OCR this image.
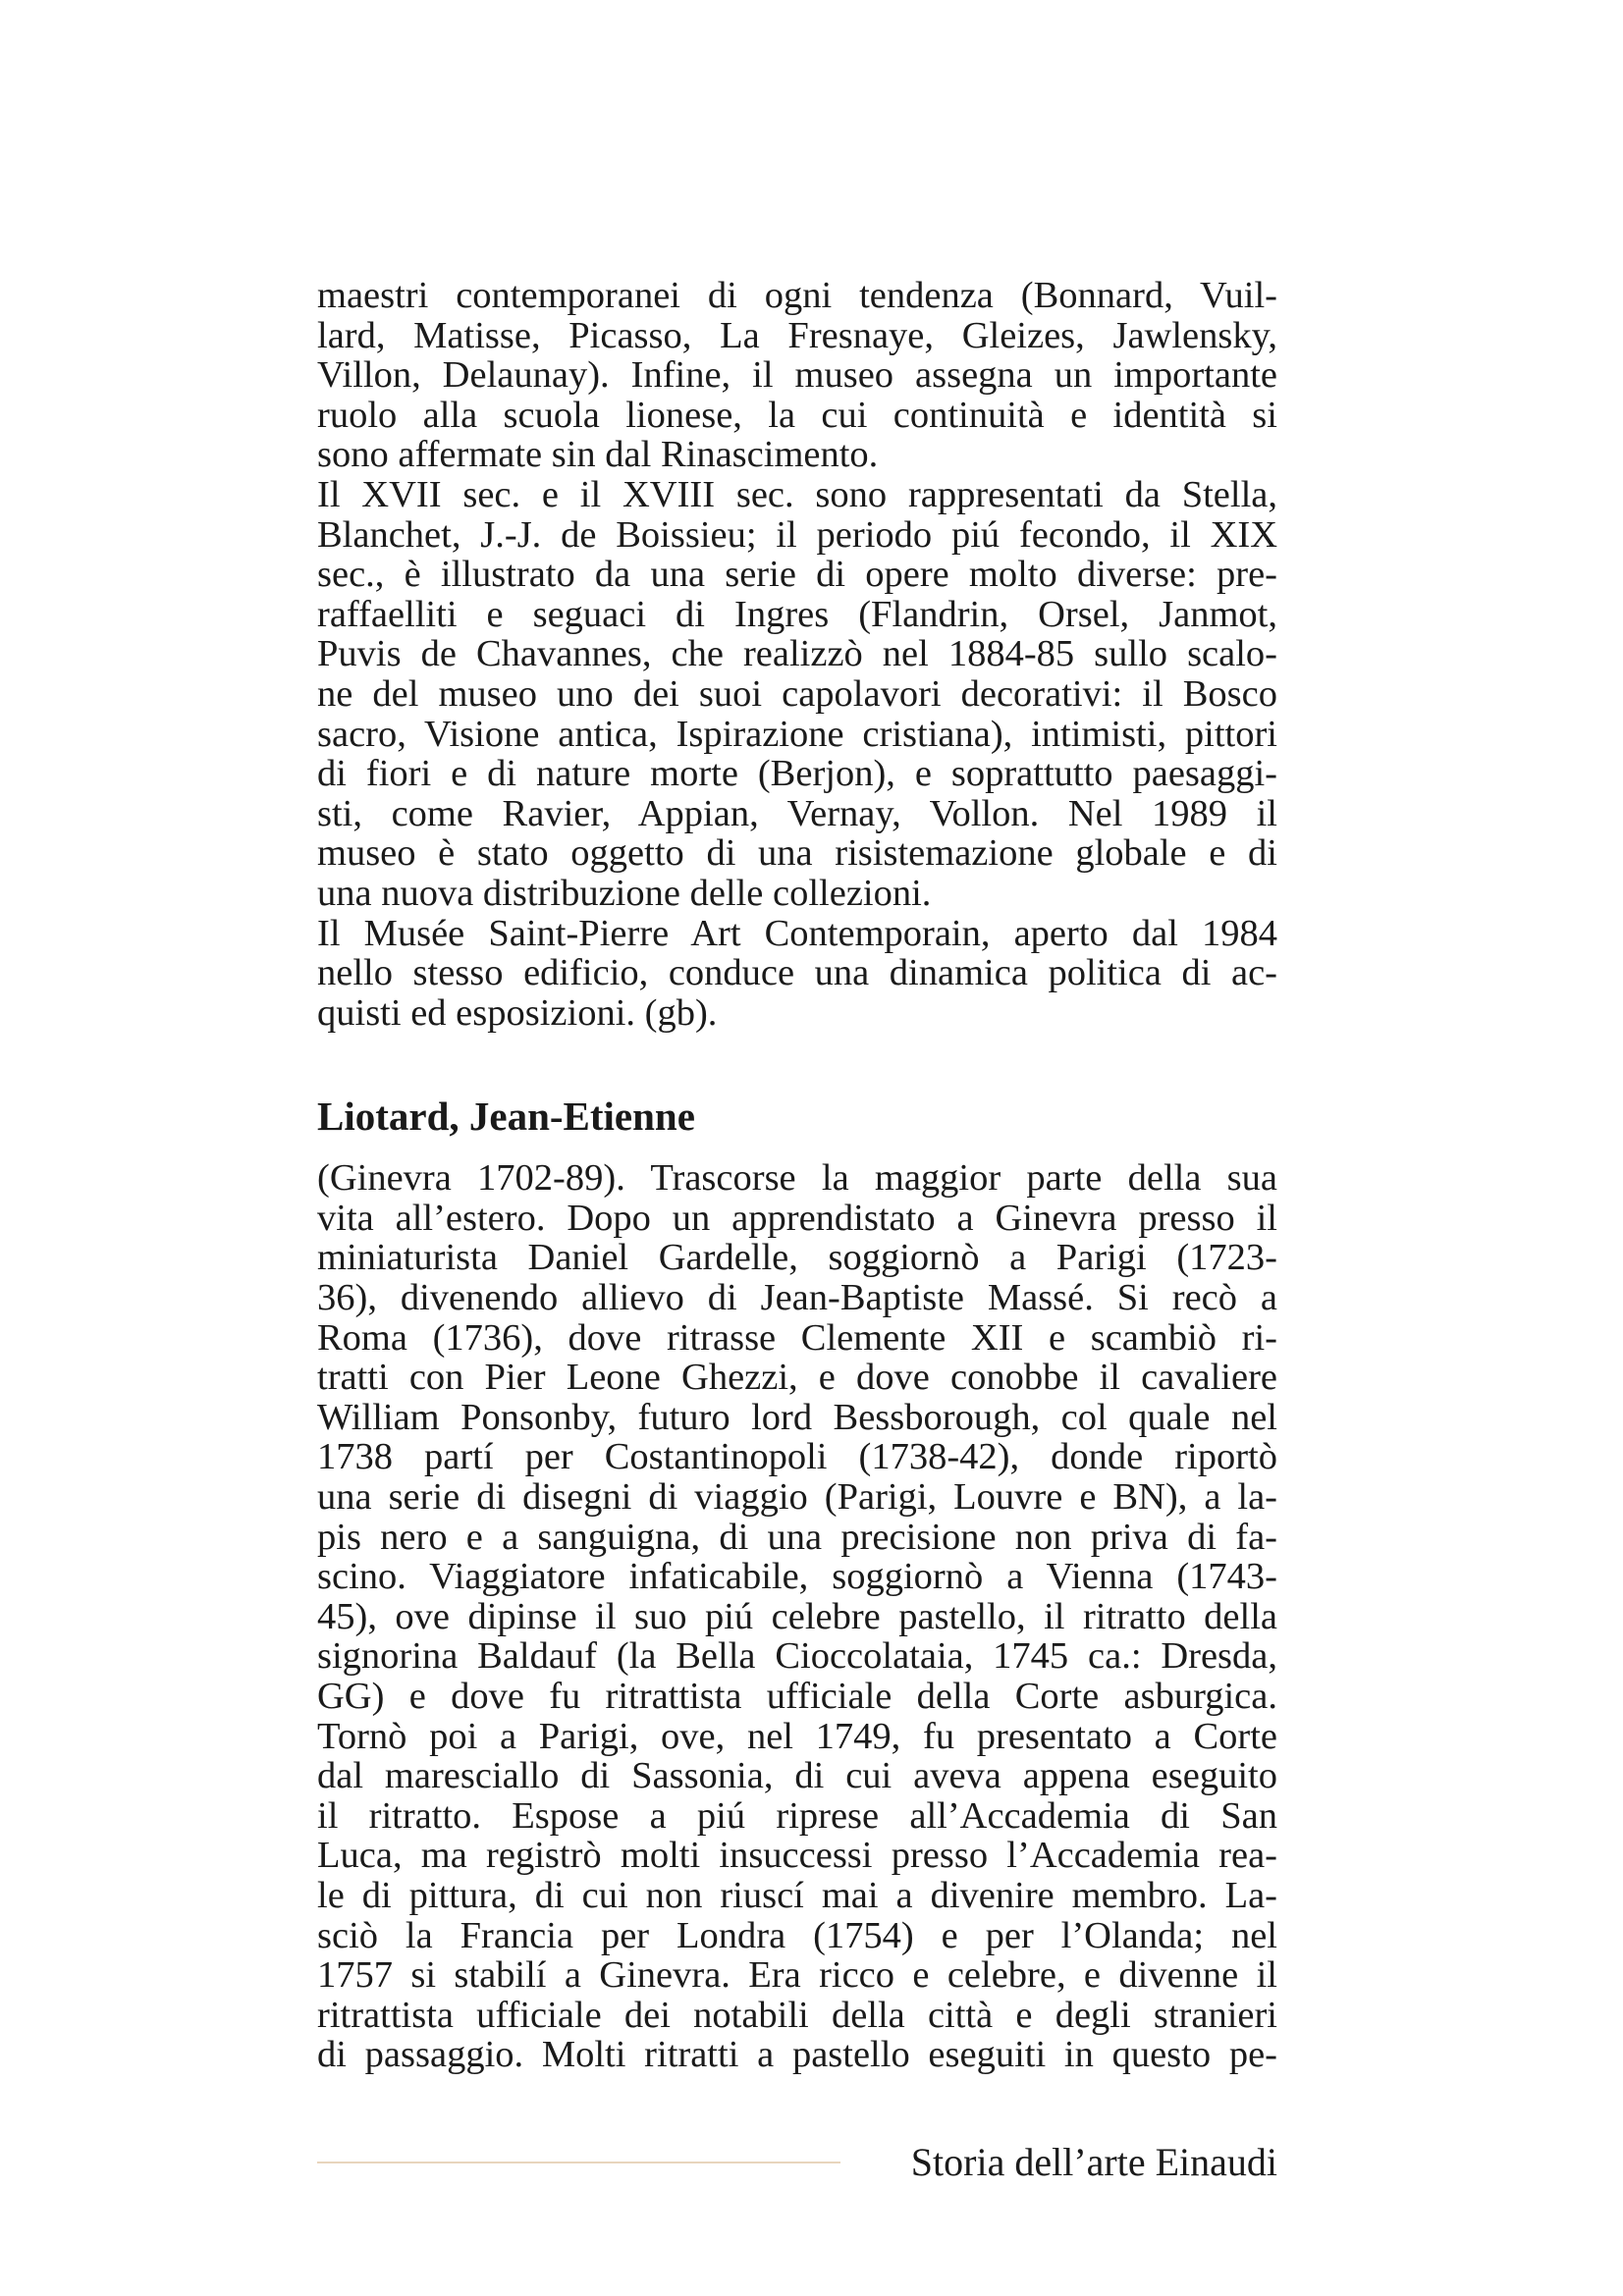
maestri contemporanei di ogni tendenza (Bonnard, Vuil-
lard, Matisse, Picasso, La Fresnaye, Gleizes, Jawlensky,
Villon, Delaunay). Infine, il museo assegna un importante
ruolo alla scuola lionese, la cui continuità e identità si
sono affermate sin dal Rinascimento.
Il XVII sec. e il XVIII sec. sono rappresentati da Stella,
Blanchet, J.-J. de Boissieu; il periodo piú fecondo, il XIX
sec., è illustrato da una serie di opere molto diverse: pre-
raffaelliti e seguaci di Ingres (Flandrin, Orsel, Janmot,
Puvis de Chavannes, che realizzò nel 1884-85 sullo scalo-
ne del museo uno dei suoi capolavori decorativi: il Bosco
sacro, Visione antica, Ispirazione cristiana), intimisti, pittori
di fiori e di nature morte (Berjon), e soprattutto paesaggi-
sti, come Ravier, Appian, Vernay, Vollon. Nel 1989 il
museo è stato oggetto di una risistemazione globale e di
una nuova distribuzione delle collezioni.
Il Musée Saint-Pierre Art Contemporain, aperto dal 1984
nello stesso edificio, conduce una dinamica politica di ac-
quisti ed esposizioni. (gb).
Liotard, Jean-Etienne
(Ginevra 1702-89). Trascorse la maggior parte della sua
vita all’estero. Dopo un apprendistato a Ginevra presso il
miniaturista Daniel Gardelle, soggiornò a Parigi (1723-
36), divenendo allievo di Jean-Baptiste Massé. Si recò a
Roma (1736), dove ritrasse Clemente XII e scambiò ri-
tratti con Pier Leone Ghezzi, e dove conobbe il cavaliere
William Ponsonby, futuro lord Bessborough, col quale nel
1738 partí per Costantinopoli (1738-42), donde riportò
una serie di disegni di viaggio (Parigi, Louvre e BN), a la-
pis nero e a sanguigna, di una precisione non priva di fa-
scino. Viaggiatore infaticabile, soggiornò a Vienna (1743-
45), ove dipinse il suo piú celebre pastello, il ritratto della
signorina Baldauf (la Bella Cioccolataia, 1745 ca.: Dresda,
GG) e dove fu ritrattista ufficiale della Corte asburgica.
Tornò poi a Parigi, ove, nel 1749, fu presentato a Corte
dal maresciallo di Sassonia, di cui aveva appena eseguito
il ritratto. Espose a piú riprese all’Accademia di San
Luca, ma registrò molti insuccessi presso l’Accademia rea-
le di pittura, di cui non riuscí mai a divenire membro. La-
sciò la Francia per Londra (1754) e per l’Olanda; nel
1757 si stabilí a Ginevra. Era ricco e celebre, e divenne il
ritrattista ufficiale dei notabili della città e degli stranieri
di passaggio. Molti ritratti a pastello eseguiti in questo pe-
Storia dell’arte Einaudi
